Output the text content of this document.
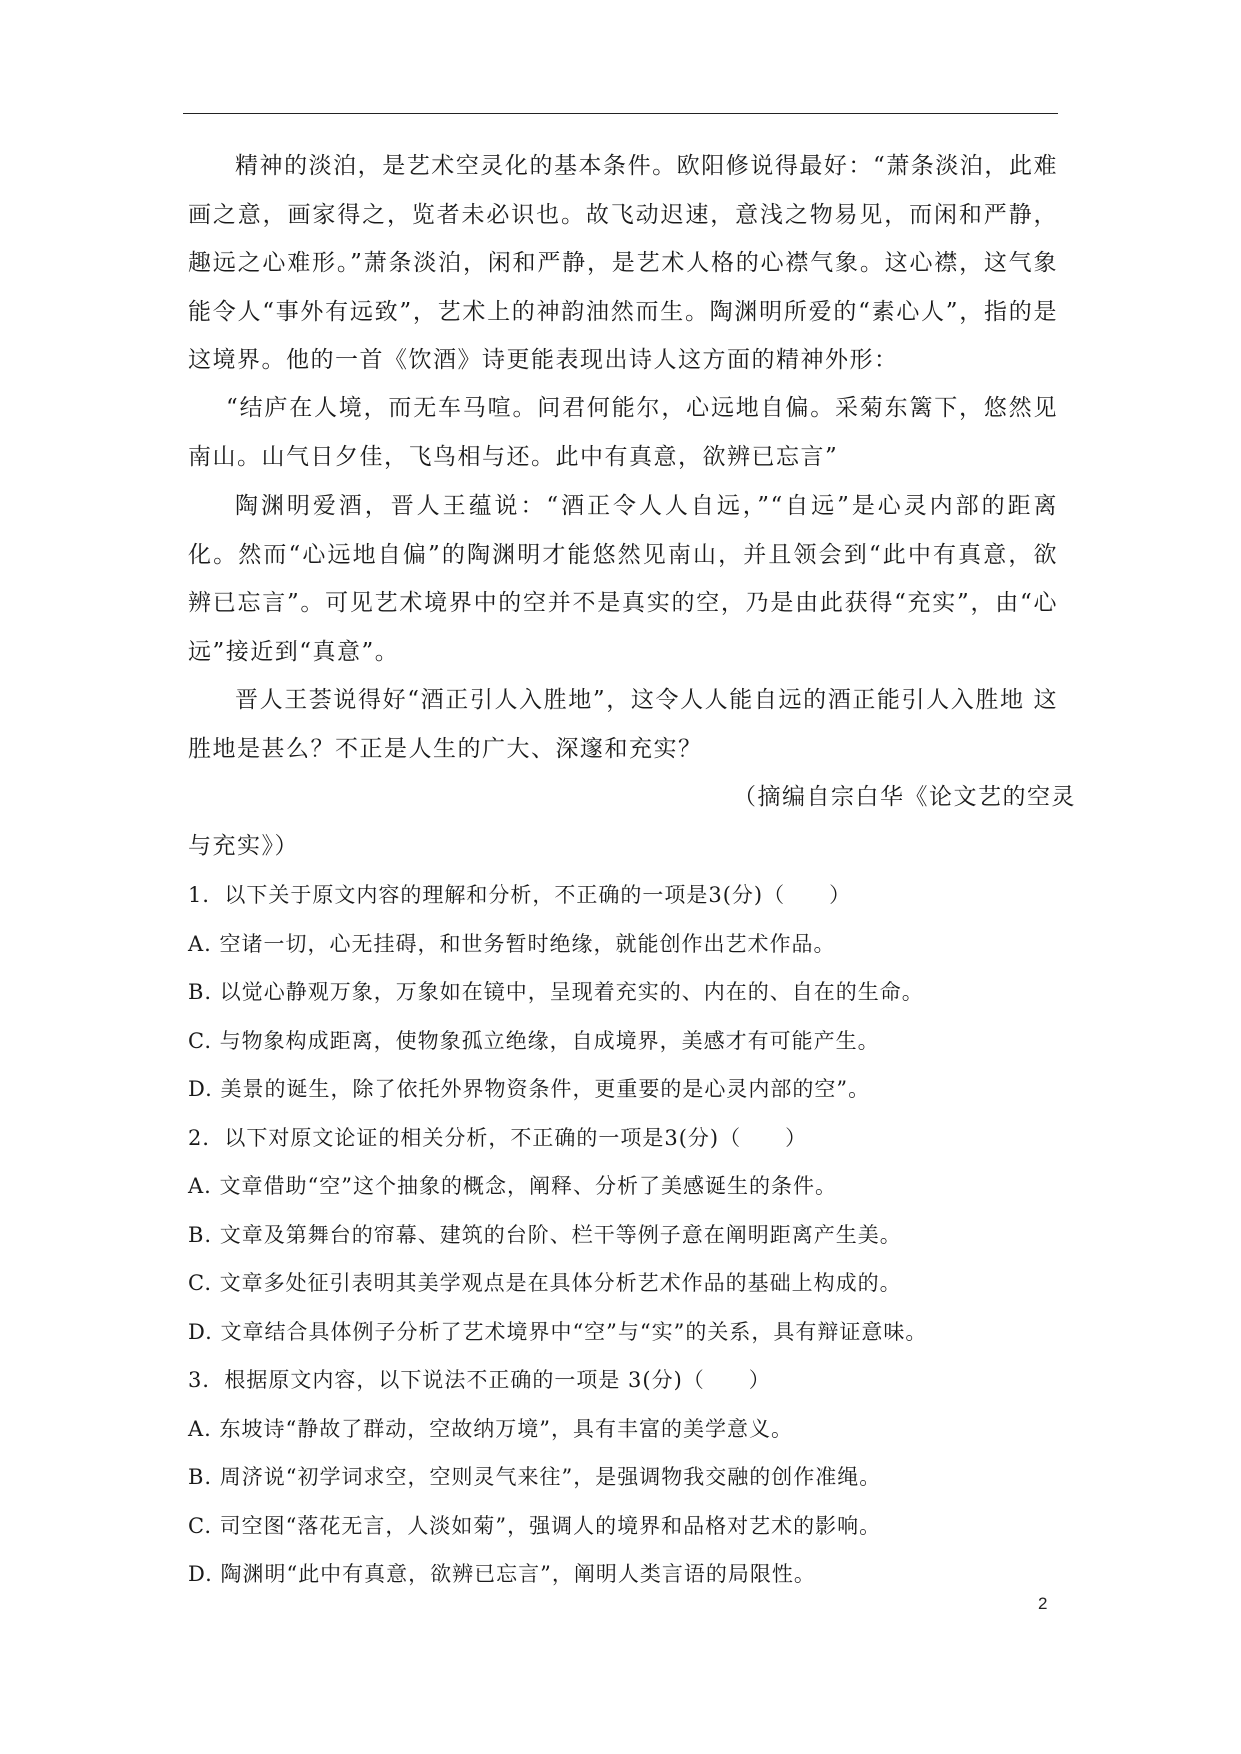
精神的淡泊，是艺术空灵化的基本条件。欧阳修说得最好：“萧条淡泊，此难画之意，画家得之，览者未必识也。故飞动迟速，意浅之物易见，而闲和严静，趣远之心难形。”萧条淡泊，闲和严静，是艺术人格的心襟气象。这心襟，这气象能令人“事外有远致”，艺术上的神韵油然而生。陶渊明所爱的“素心人”，指的是这境界。他的一首《饮酒》诗更能表现出诗人这方面的精神外形：

“结庐在人境，而无车马喧。问君何能尔，心远地自偏。采菊东篱下，悠然见南山。山气日夕佳，飞鸟相与还。此中有真意，欲辨已忘言”

陶渊明爱酒，晋人王蕴说：“酒正令人人自远，”“自远”是心灵内部的距离化。然而“心远地自偏”的陶渊明才能悠然见南山，并且领会到“此中有真意，欲辨已忘言”。可见艺术境界中的空并不是真实的空，乃是由此获得“充实”，由“心远”接近到“真意”。

晋人王荟说得好“酒正引人入胜地”，这令人人能自远的酒正能引人入胜地 这胜地是甚么？不正是人生的广大、深邃和充实？

（摘编自宗白华《论文艺的空灵
与充实》）

1．以下关于原文内容的理解和分析，不正确的一项是3(分)（　　）

A. 空诸一切，心无挂碍，和世务暂时绝缘，就能创作出艺术作品。

B. 以觉心静观万象，万象如在镜中，呈现着充实的、内在的、自在的生命。

C. 与物象构成距离，使物象孤立绝缘，自成境界，美感才有可能产生。

D. 美景的诞生，除了依托外界物资条件，更重要的是心灵内部的空”。

2．以下对原文论证的相关分析，不正确的一项是3(分)（　　）

A. 文章借助“空”这个抽象的概念，阐释、分析了美感诞生的条件。

B. 文章及第舞台的帘幕、建筑的台阶、栏干等例子意在阐明距离产生美。

C. 文章多处征引表明其美学观点是在具体分析艺术作品的基础上构成的。

D. 文章结合具体例子分析了艺术境界中“空”与“实”的关系，具有辩证意味。

3．根据原文内容，以下说法不正确的一项是 3(分)（　　）

A. 东坡诗“静故了群动，空故纳万境”，具有丰富的美学意义。

B. 周济说“初学词求空，空则灵气来往”，是强调物我交融的创作准绳。

C. 司空图“落花无言，人淡如菊”，强调人的境界和品格对艺术的影响。

D. 陶渊明“此中有真意，欲辨已忘言”，阐明人类言语的局限性。

2
